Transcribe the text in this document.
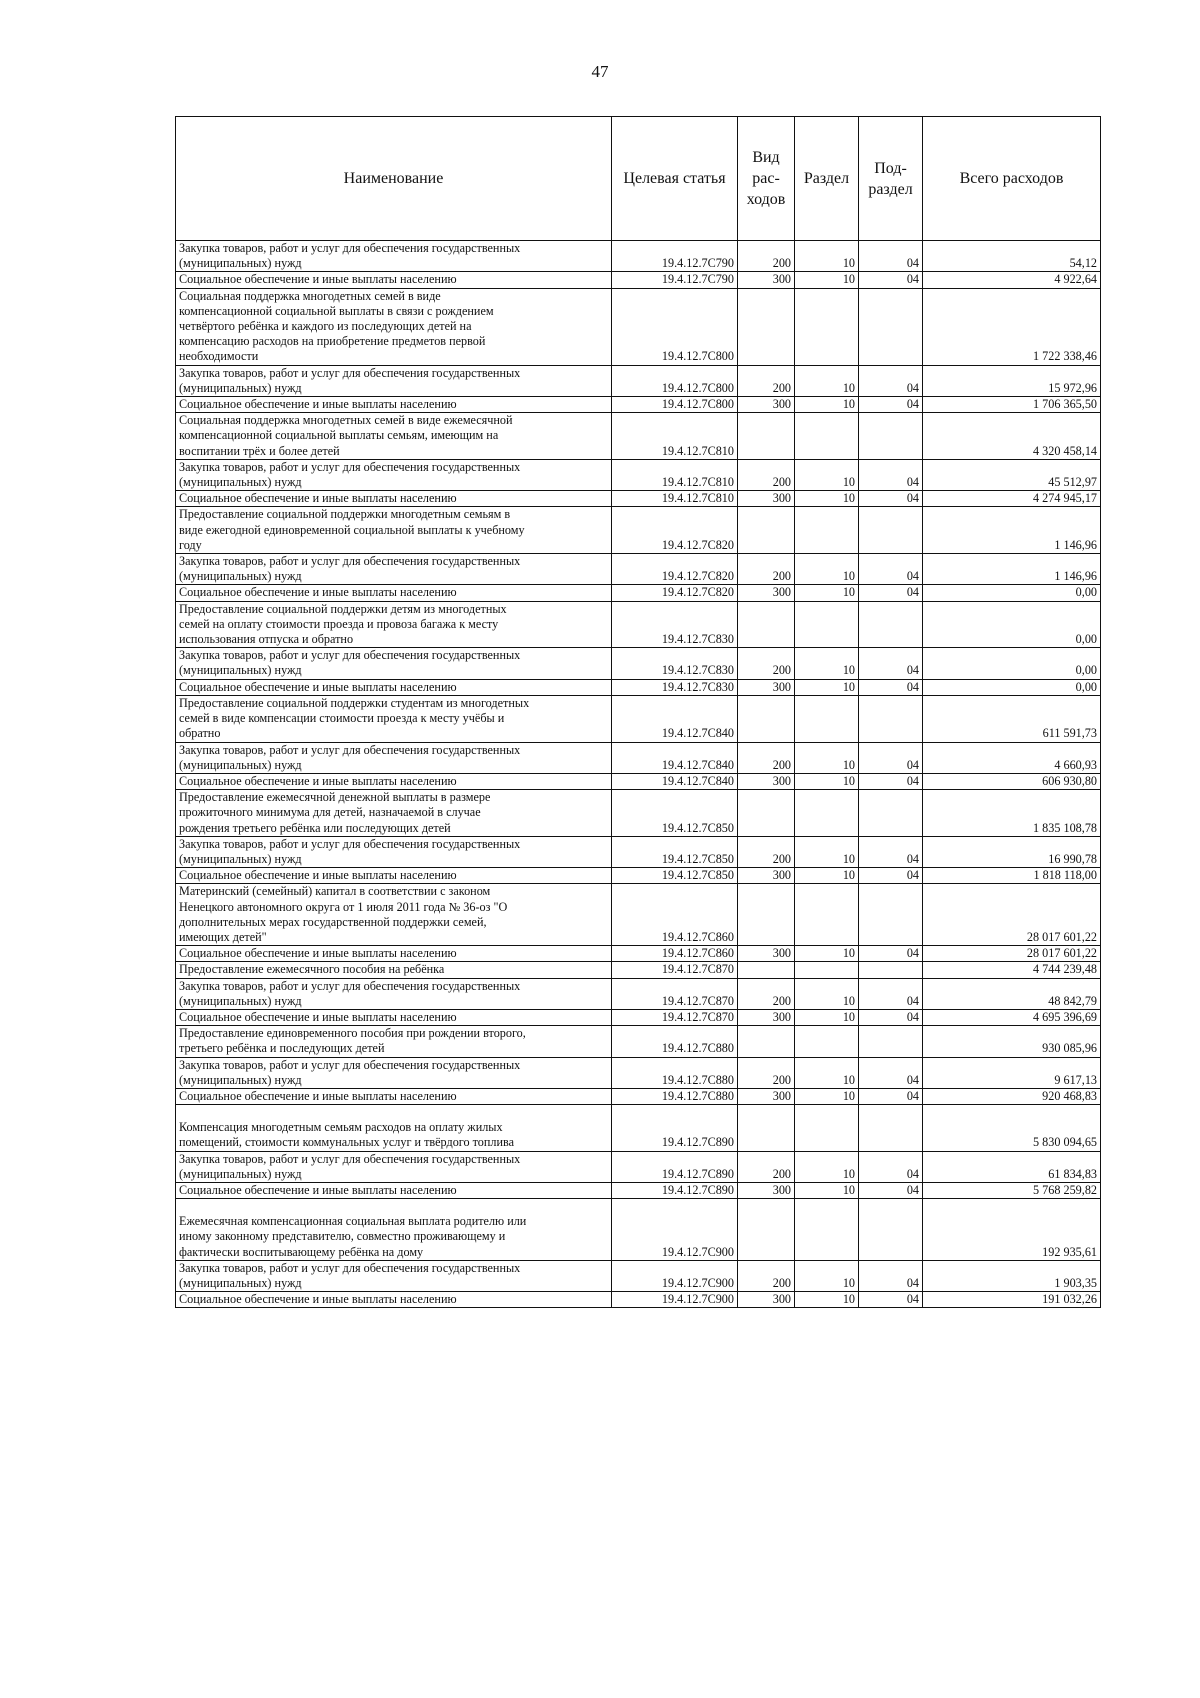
47
Наименование	Целевая статья	Вид
рас-
ходов	Раздел	Под-
раздел	Всего расходов

Закупка товаров, работ и услуг для обеспечения государственных
(муниципальных) нужд	19.4.12.7С790	200	10	04	54,12

Социальное обеспечение и иные выплаты населению	19.4.12.7С790	300	10	04	4 922,64

Социальная поддержка многодетных семей в виде
компенсационной социальной выплаты в связи с рождением
четвёртого ребёнка и каждого из последующих детей на
компенсацию расходов на приобретение предметов первой
необходимости	19.4.12.7С800				1 722 338,46

Закупка товаров, работ и услуг для обеспечения государственных
(муниципальных) нужд	19.4.12.7С800	200	10	04	15 972,96

Социальное обеспечение и иные выплаты населению	19.4.12.7С800	300	10	04	1 706 365,50

Социальная поддержка многодетных семей в виде ежемесячной
компенсационной социальной выплаты семьям, имеющим на
воспитании трёх и более детей	19.4.12.7С810				4 320 458,14

Закупка товаров, работ и услуг для обеспечения государственных
(муниципальных) нужд	19.4.12.7С810	200	10	04	45 512,97

Социальное обеспечение и иные выплаты населению	19.4.12.7С810	300	10	04	4 274 945,17

Предоставление социальной поддержки многодетным семьям в
виде ежегодной единовременной социальной выплаты к учебному
году	19.4.12.7С820				1 146,96

Закупка товаров, работ и услуг для обеспечения государственных
(муниципальных) нужд	19.4.12.7С820	200	10	04	1 146,96

Социальное обеспечение и иные выплаты населению	19.4.12.7С820	300	10	04	0,00

Предоставление социальной поддержки детям из многодетных
семей на оплату стоимости проезда и провоза багажа к месту
использования отпуска и обратно	19.4.12.7С830				0,00

Закупка товаров, работ и услуг для обеспечения государственных
(муниципальных) нужд	19.4.12.7С830	200	10	04	0,00

Социальное обеспечение и иные выплаты населению	19.4.12.7С830	300	10	04	0,00

Предоставление социальной поддержки студентам из многодетных
семей в виде компенсации стоимости проезда к месту учёбы и
обратно	19.4.12.7С840				611 591,73

Закупка товаров, работ и услуг для обеспечения государственных
(муниципальных) нужд	19.4.12.7С840	200	10	04	4 660,93

Социальное обеспечение и иные выплаты населению	19.4.12.7С840	300	10	04	606 930,80

Предоставление ежемесячной денежной выплаты в размере
прожиточного минимума для детей, назначаемой в случае
рождения третьего ребёнка или последующих детей	19.4.12.7С850				1 835 108,78

Закупка товаров, работ и услуг для обеспечения государственных
(муниципальных) нужд	19.4.12.7С850	200	10	04	16 990,78

Социальное обеспечение и иные выплаты населению	19.4.12.7С850	300	10	04	1 818 118,00

Материнский (семейный) капитал в соответствии с законом
Ненецкого автономного округа от 1 июля 2011 года № 36-оз "О
дополнительных мерах государственной поддержки семей,
имеющих детей"	19.4.12.7С860				28 017 601,22

Социальное обеспечение и иные выплаты населению	19.4.12.7С860	300	10	04	28 017 601,22

Предоставление ежемесячного пособия на ребёнка	19.4.12.7С870				4 744 239,48

Закупка товаров, работ и услуг для обеспечения государственных
(муниципальных) нужд	19.4.12.7С870	200	10	04	48 842,79

Социальное обеспечение и иные выплаты населению	19.4.12.7С870	300	10	04	4 695 396,69

Предоставление единовременного пособия при рождении второго,
третьего ребёнка и последующих детей	19.4.12.7С880				930 085,96

Закупка товаров, работ и услуг для обеспечения государственных
(муниципальных) нужд	19.4.12.7С880	200	10	04	9 617,13

Социальное обеспечение и иные выплаты населению	19.4.12.7С880	300	10	04	920 468,83

Компенсация многодетным семьям расходов на оплату жилых
помещений, стоимости коммунальных услуг и твёрдого топлива	19.4.12.7С890				5 830 094,65

Закупка товаров, работ и услуг для обеспечения государственных
(муниципальных) нужд	19.4.12.7С890	200	10	04	61 834,83

Социальное обеспечение и иные выплаты населению	19.4.12.7С890	300	10	04	5 768 259,82

Ежемесячная компенсационная социальная выплата родителю или
иному законному представителю, совместно проживающему и
фактически воспитывающему ребёнка на дому	19.4.12.7С900				192 935,61

Закупка товаров, работ и услуг для обеспечения государственных
(муниципальных) нужд	19.4.12.7С900	200	10	04	1 903,35

Социальное обеспечение и иные выплаты населению	19.4.12.7С900	300	10	04	191 032,26
